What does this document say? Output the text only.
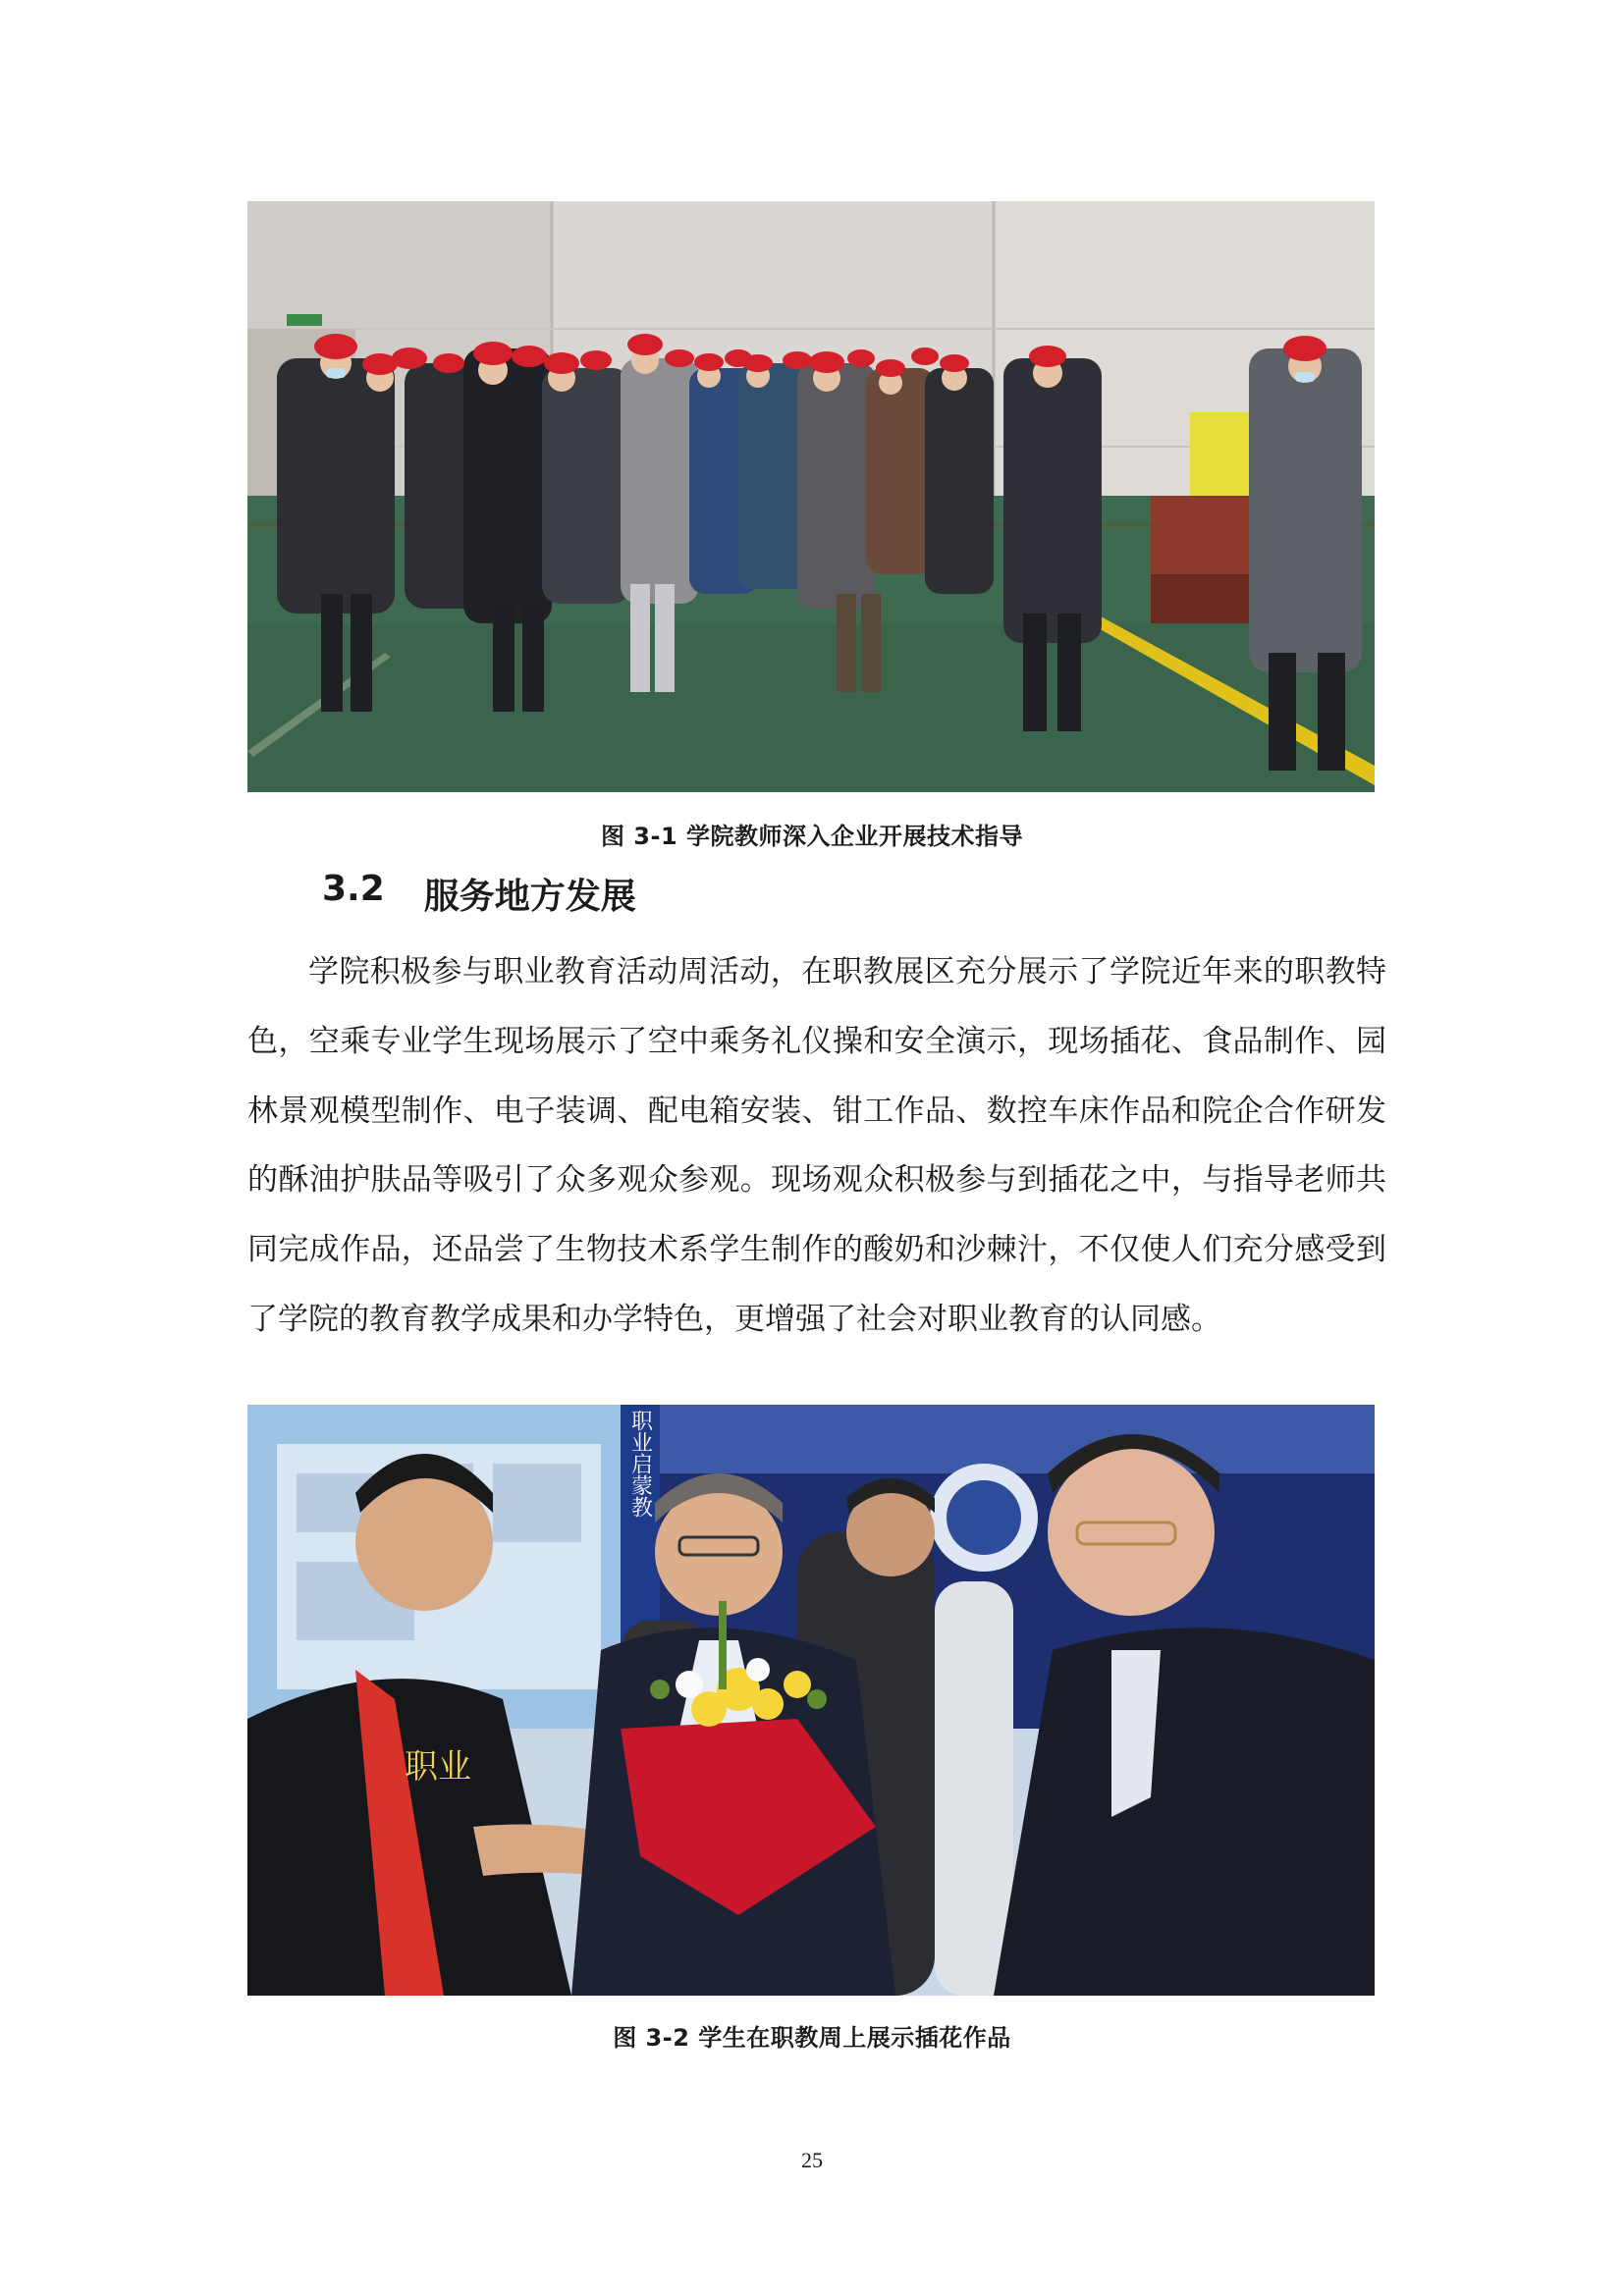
图 3-1 学院教师深入企业开展技术指导
3.2 服务地方发展

学院积极参与职业教育活动周活动，在职教展区充分展示了学院近年来的职教特色，空乘专业学生现场展示了空中乘务礼仪操和安全演示，现场插花、食品制作、园林景观模型制作、电子装调、配电箱安装、钳工作品、数控车床作品和院企合作研发的酥油护肤品等吸引了众多观众参观。现场观众积极参与到插花之中，与指导老师共同完成作品，还品尝了生物技术系学生制作的酸奶和沙棘汁，不仅使人们充分感受到了学院的教育教学成果和办学特色，更增强了社会对职业教育的认同感。

职业启蒙教
职业
图 3-2 学生在职教周上展示插花作品
25
